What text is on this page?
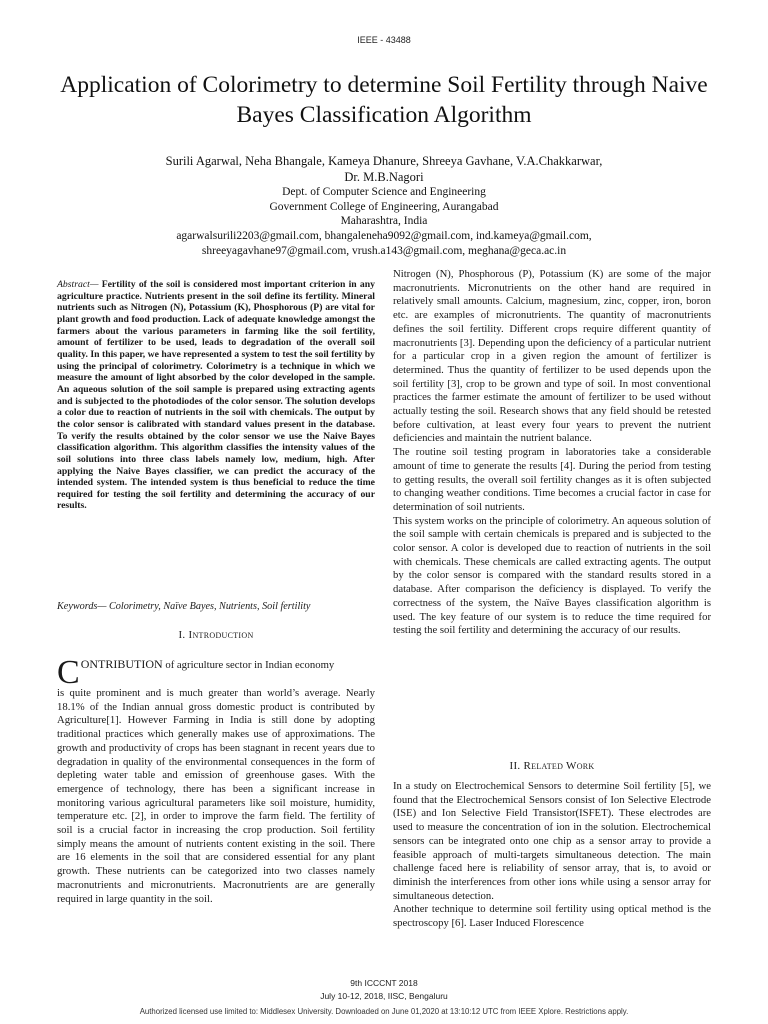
IEEE - 43488
Application of Colorimetry to determine Soil Fertility through Naive Bayes Classification Algorithm
Surili Agarwal, Neha Bhangale, Kameya Dhanure, Shreeya Gavhane, V.A.Chakkarwar,
Dr. M.B.Nagori
Dept. of Computer Science and Engineering
Government College of Engineering, Aurangabad
Maharashtra, India
agarwalsurili2203@gmail.com, bhangaleneha9092@gmail.com, ind.kameya@gmail.com,
shreeyagavhane97@gmail.com, vrush.a143@gmail.com, meghana@geca.ac.in

Abstract— Fertility of the soil is considered most important criterion in any agriculture practice. Nutrients present in the soil define its fertility. Mineral nutrients such as Nitrogen (N), Potassium (K), Phosphorous (P) are vital for plant growth and food production. Lack of adequate knowledge amongst the farmers about the various parameters in farming like the soil fertility, amount of fertilizer to be used, leads to degradation of the overall soil quality. In this paper, we have represented a system to test the soil fertility by using the principal of colorimetry. Colorimetry is a technique in which we measure the amount of light absorbed by the color developed in the sample. An aqueous solution of the soil sample is prepared using extracting agents and is subjected to the photodiodes of the color sensor. The solution develops a color due to reaction of nutrients in the soil with chemicals. The output by the color sensor is calibrated with standard values present in the database. To verify the results obtained by the color sensor we use the Naive Bayes classification algorithm. This algorithm classifies the intensity values of the soil solutions into three class labels namely low, medium, high. After applying the Naive Bayes classifier, we can predict the accuracy of the intended system. The intended system is thus beneficial to reduce the time required for testing the soil fertility and determining the accuracy of our results.

Keywords— Colorimetry, Naïve Bayes, Nutrients, Soil fertility
I. Introduction

CONTRIBUTION of agriculture sector in Indian economy

is quite prominent and is much greater than world’s average. Nearly 18.1% of the Indian annual gross domestic product is contributed by Agriculture[1]. However Farming in India is still done by adopting traditional practices which generally makes use of approximations. The growth and productivity of crops has been stagnant in recent years due to degradation in quality of the environmental consequences in the form of depleting water table and emission of greenhouse gases. With the emergence of technology, there has been a significant increase in monitoring various agricultural parameters like soil moisture, humidity, temperature etc. [2], in order to improve the farm field. The fertility of soil is a crucial factor in increasing the crop production. Soil fertility simply means the amount of nutrients content existing in the soil. There are 16 elements in the soil that are considered essential for any plant growth. These nutrients can be categorized into two classes namely macronutrients and micronutrients. Macronutrients are are generally required in large quantity in the soil.

Nitrogen (N), Phosphorous (P), Potassium (K) are some of the major macronutrients. Micronutrients on the other hand are required in relatively small amounts. Calcium, magnesium, zinc, copper, iron, boron etc. are examples of micronutrients. The quantity of macronutrients defines the soil fertility. Different crops require different quantity of macronutrients [3]. Depending upon the deficiency of a particular nutrient for a particular crop in a given region the amount of fertilizer is determined. Thus the quantity of fertilizer to be used depends upon the soil fertility [3], crop to be grown and type of soil. In most conventional practices the farmer estimate the amount of fertilizer to be used without actually testing the soil. Research shows that any field should be retested before cultivation, at least every four years to prevent the nutrient deficiencies and maintain the nutrient balance.

The routine soil testing program in laboratories take a considerable amount of time to generate the results [4]. During the period from testing to getting results, the overall soil fertility changes as it is often subjected to changing weather conditions. Time becomes a crucial factor in case for determination of soil nutrients.

This system works on the principle of colorimetry. An aqueous solution of the soil sample with certain chemicals is prepared and is subjected to the color sensor. A color is developed due to reaction of nutrients in the soil with chemicals. These chemicals are called extracting agents. The output by the color sensor is compared with the standard results stored in a database. After comparison the deficiency is displayed. To verify the correctness of the system, the Naïve Bayes classification algorithm is used. The key feature of our system is to reduce the time required for testing the soil fertility and determining the accuracy of our results.

II. Related Work

In a study on Electrochemical Sensors to determine Soil fertility [5], we found that the Electrochemical Sensors consist of Ion Selective Electrode (ISE) and Ion Selective Field Transistor(ISFET). These electrodes are used to measure the concentration of ion in the solution. Electrochemical sensors can be integrated onto one chip as a sensor array to provide a feasible approach of multi-targets simultaneous detection. The main challenge faced here is reliability of sensor array, that is, to avoid or diminish the interferences from other ions while using a sensor array for simultaneous detection.

Another technique to determine soil fertility using optical method is the spectroscopy [6]. Laser Induced Florescence

9th ICCCNT 2018
July 10-12, 2018, IISC, Bengaluru
Authorized licensed use limited to: Middlesex University. Downloaded on June 01,2020 at 13:10:12 UTC from IEEE Xplore. Restrictions apply.
